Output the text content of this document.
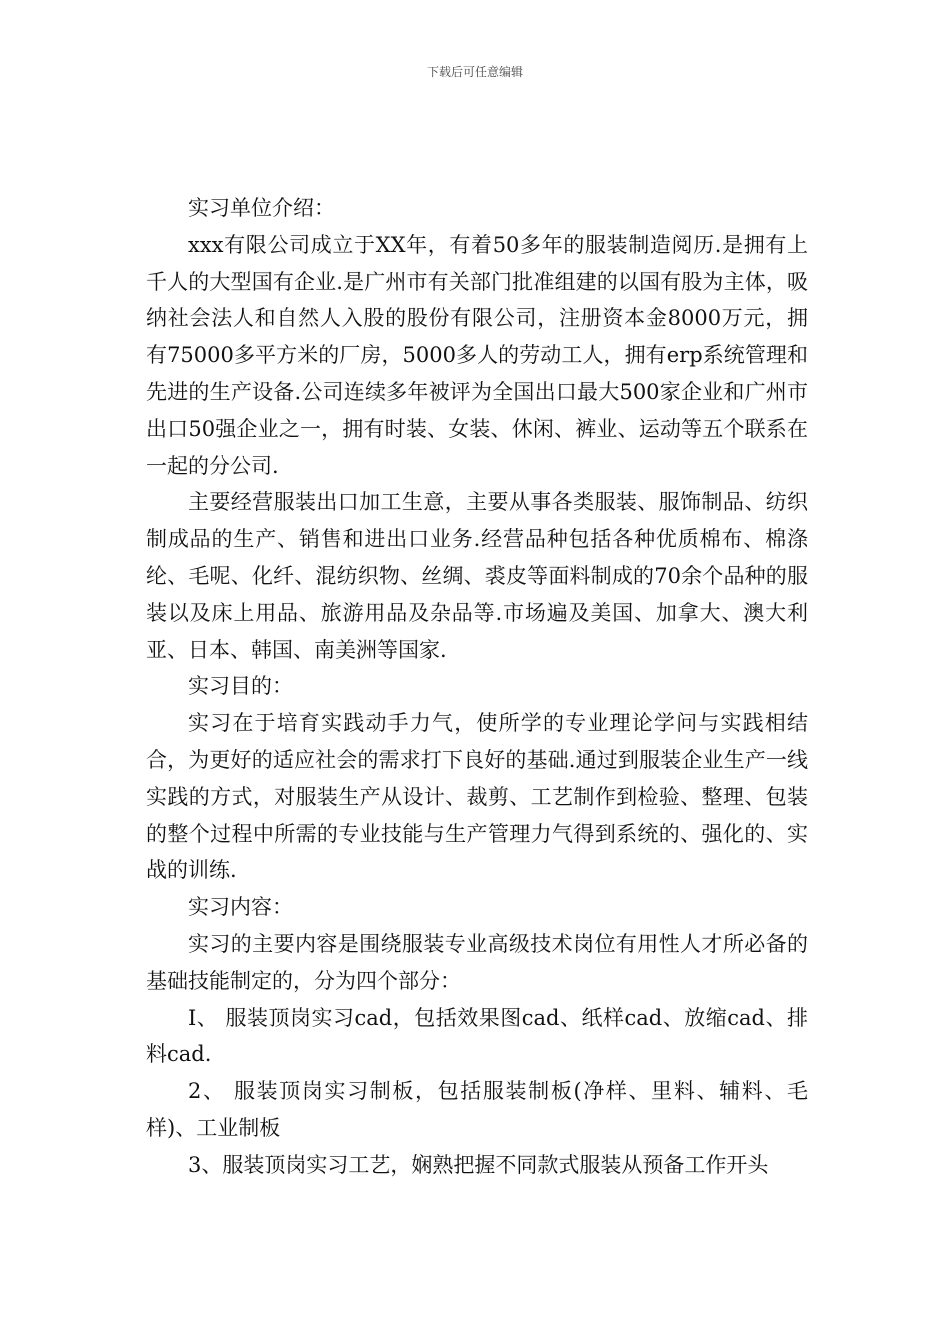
下载后可任意编辑

实习单位介绍：

xxx有限公司成立于XX年，有着50多年的服装制造阅历.是拥有上千人的大型国有企业.是广州市有关部门批准组建的以国有股为主体，吸纳社会法人和自然人入股的股份有限公司，注册资本金8000万元，拥有75000多平方米的厂房，5000多人的劳动工人，拥有erp系统管理和先进的生产设备.公司连续多年被评为全国出口最大500家企业和广州市出口50强企业之一，拥有时装、女装、休闲、裤业、运动等五个联系在一起的分公司.

主要经营服装出口加工生意，主要从事各类服装、服饰制品、纺织制成品的生产、销售和进出口业务.经营品种包括各种优质棉布、棉涤纶、毛呢、化纤、混纺织物、丝绸、裘皮等面料制成的70余个品种的服装以及床上用品、旅游用品及杂品等.市场遍及美国、加拿大、澳大利亚、日本、韩国、南美洲等国家.

实习目的：

实习在于培育实践动手力气，使所学的专业理论学问与实践相结合，为更好的适应社会的需求打下良好的基础.通过到服装企业生产一线实践的方式，对服装生产从设计、裁剪、工艺制作到检验、整理、包装的整个过程中所需的专业技能与生产管理力气得到系统的、强化的、实战的训练.

实习内容：

实习的主要内容是围绕服装专业高级技术岗位有用性人才所必备的基础技能制定的，分为四个部分：

I、 服装顶岗实习cad，包括效果图cad、纸样cad、放缩cad、排料cad.

2、 服装顶岗实习制板，包括服装制板(净样、里料、辅料、毛样)、工业制板

3、服装顶岗实习工艺，娴熟把握不同款式服装从预备工作开头
